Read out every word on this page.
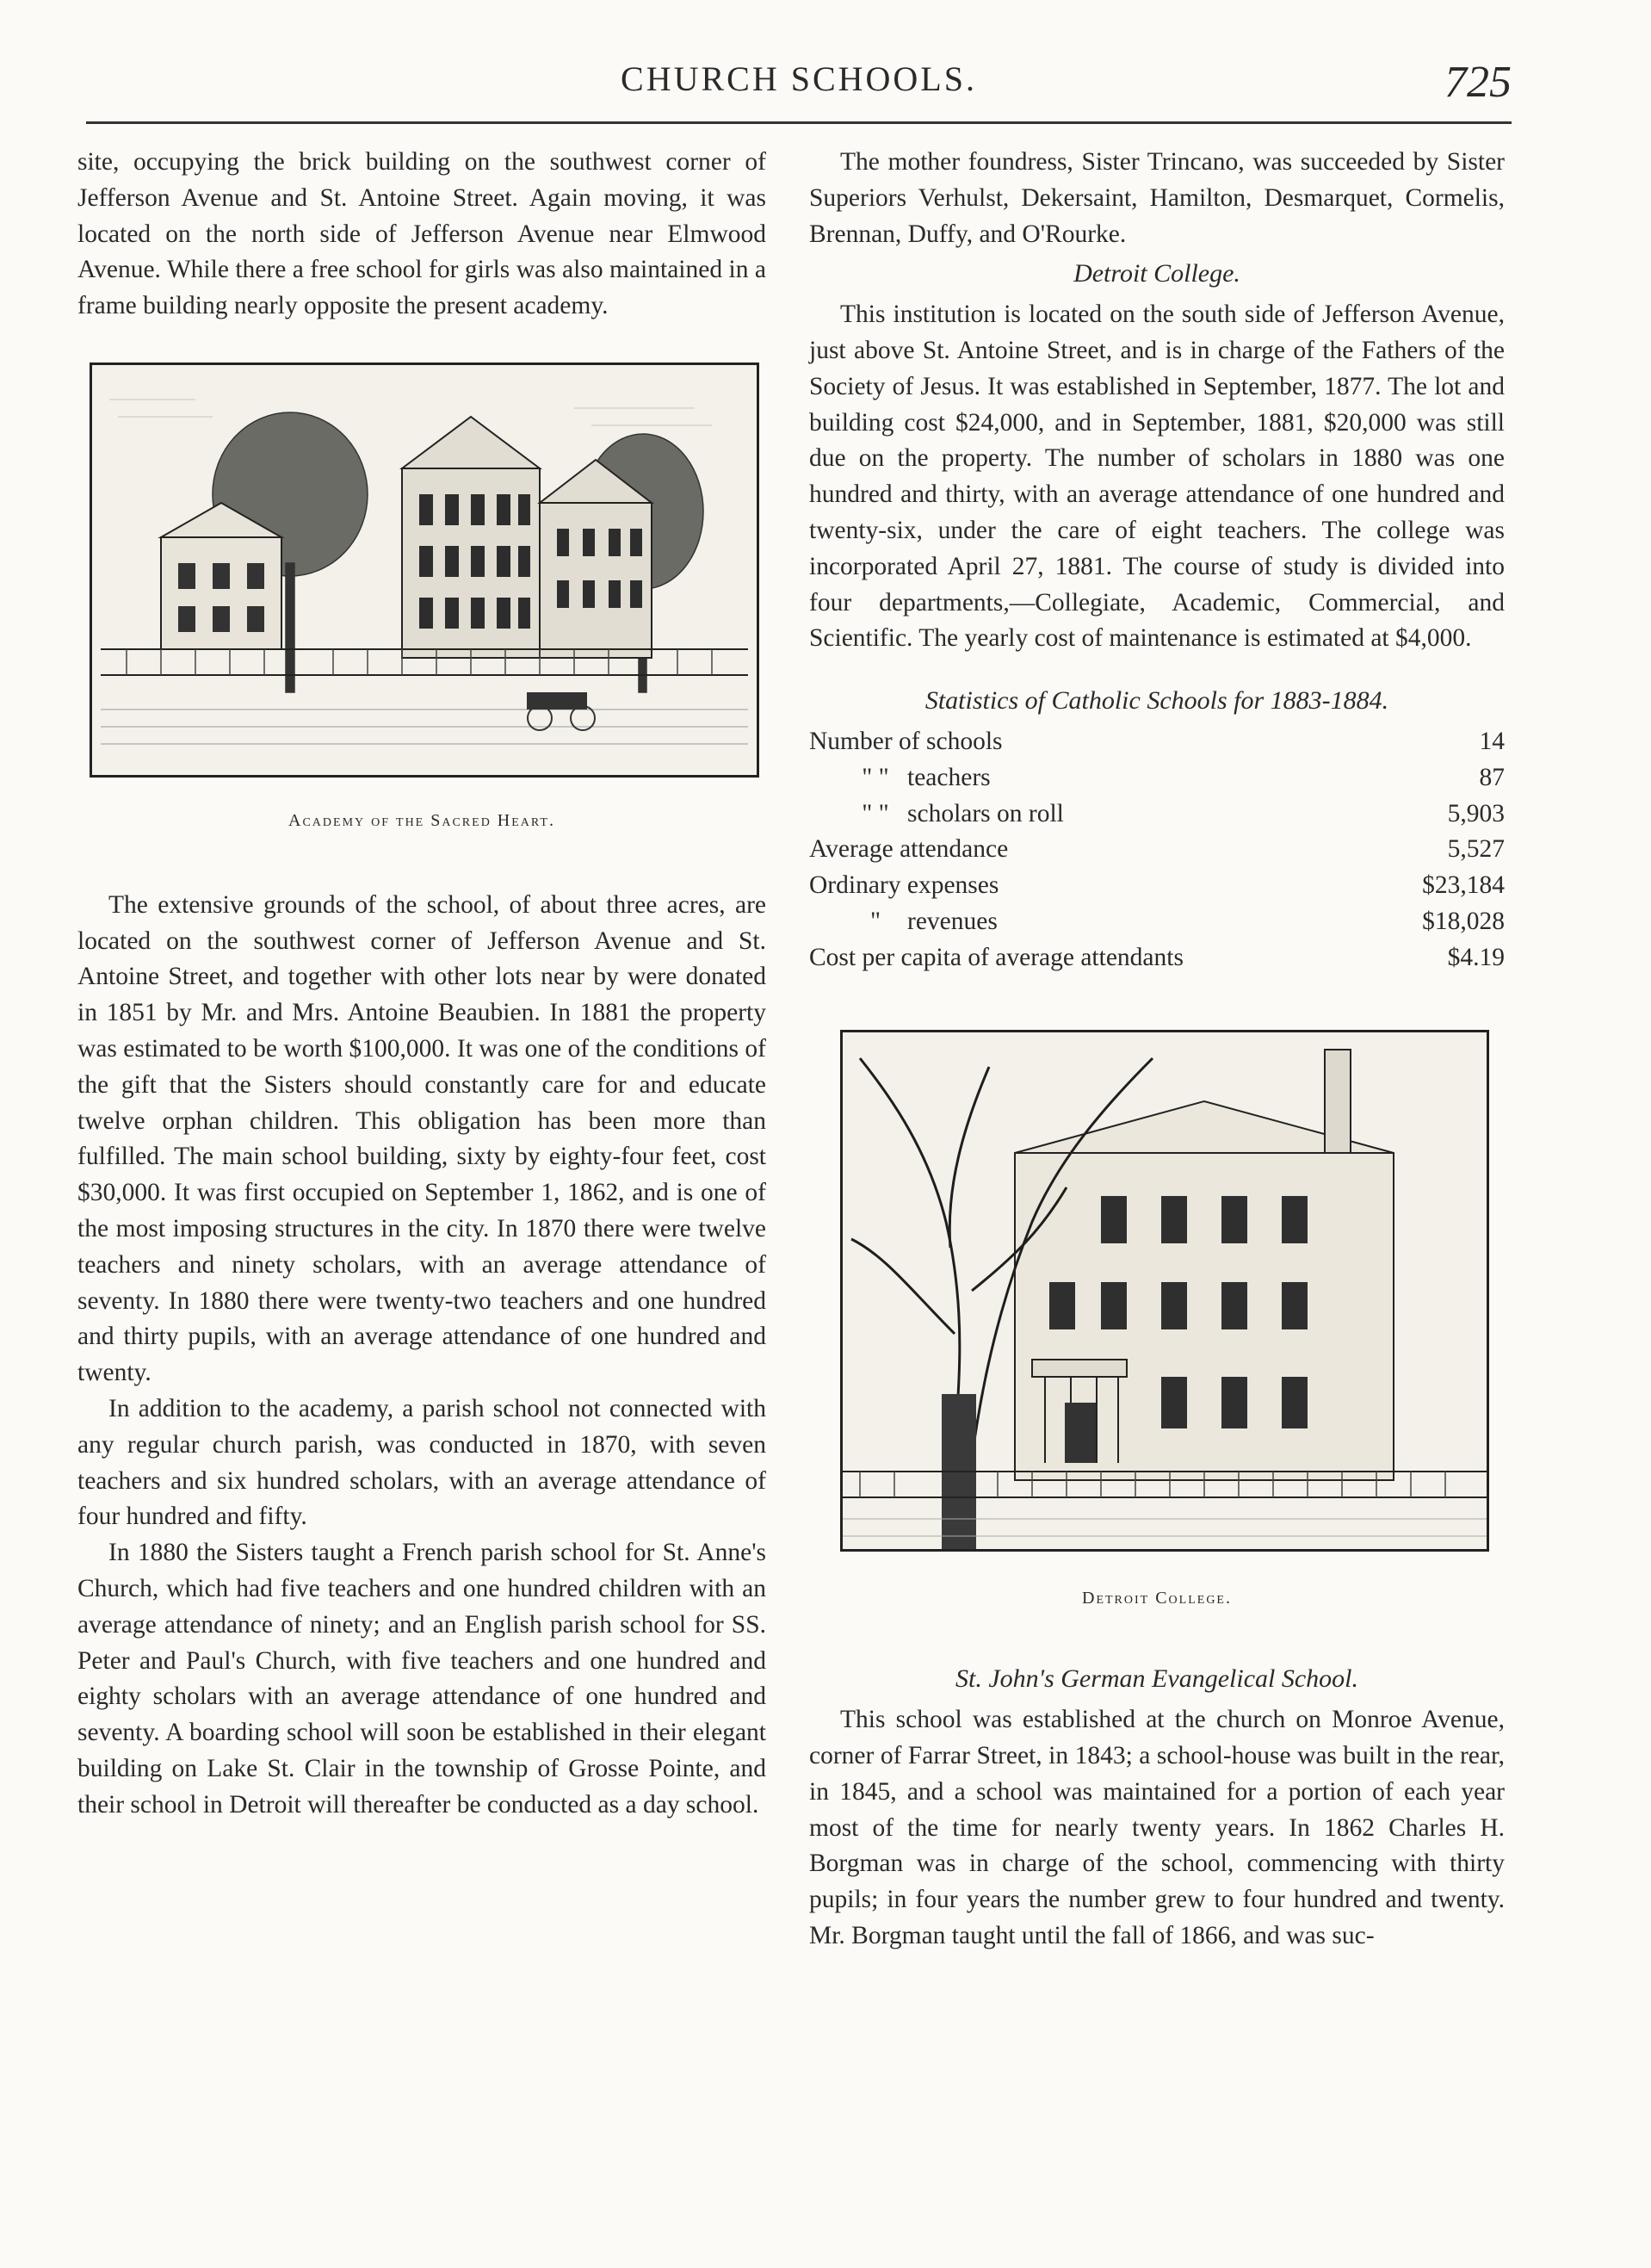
CHURCH SCHOOLS.	725

site, occupying the brick building on the southwest corner of Jefferson Avenue and St. Antoine Street. Again moving, it was located on the north side of Jefferson Avenue near Elmwood Avenue. While there a free school for girls was also maintained in a frame building nearly opposite the present academy.

Academy of the Sacred Heart.

The extensive grounds of the school, of about three acres, are located on the southwest corner of Jefferson Avenue and St. Antoine Street, and together with other lots near by were donated in 1851 by Mr. and Mrs. Antoine Beaubien. In 1881 the property was estimated to be worth $100,000. It was one of the conditions of the gift that the Sisters should constantly care for and educate twelve orphan children. This obligation has been more than fulfilled. The main school building, sixty by eighty-four feet, cost $30,000. It was first occupied on September 1, 1862, and is one of the most imposing structures in the city. In 1870 there were twelve teachers and ninety scholars, with an average attendance of seventy. In 1880 there were twenty-two teachers and one hundred and thirty pupils, with an average attendance of one hundred and twenty.

In addition to the academy, a parish school not connected with any regular church parish, was conducted in 1870, with seven teachers and six hundred scholars, with an average attendance of four hundred and fifty.

In 1880 the Sisters taught a French parish school for St. Anne's Church, which had five teachers and one hundred children with an average attendance of ninety; and an English parish school for SS. Peter and Paul's Church, with five teachers and one hundred and eighty scholars with an average attendance of one hundred and seventy. A boarding school will soon be established in their elegant building on Lake St. Clair in the township of Grosse Pointe, and their school in Detroit will thereafter be conducted as a day school.

The mother foundress, Sister Trincano, was succeeded by Sister Superiors Verhulst, Dekersaint, Hamilton, Desmarquet, Cormelis, Brennan, Duffy, and O'Rourke.

Detroit College.

This institution is located on the south side of Jefferson Avenue, just above St. Antoine Street, and is in charge of the Fathers of the Society of Jesus. It was established in September, 1877. The lot and building cost $24,000, and in September, 1881, $20,000 was still due on the property. The number of scholars in 1880 was one hundred and thirty, with an average attendance of one hundred and twenty-six, under the care of eight teachers. The college was incorporated April 27, 1881. The course of study is divided into four departments,—Collegiate, Academic, Commercial, and Scientific. The yearly cost of maintenance is estimated at $4,000.

Statistics of Catholic Schools for 1883-1884.
Number of schools	14
" " teachers	87
" " scholars on roll	5,903
Average attendance	5,527
Ordinary expenses	$23,184
" revenues	$18,028
Cost per capita of average attendants	$4.19
Detroit College.
St. John's German Evangelical School.

This school was established at the church on Monroe Avenue, corner of Farrar Street, in 1843; a school-house was built in the rear, in 1845, and a school was maintained for a portion of each year most of the time for nearly twenty years. In 1862 Charles H. Borgman was in charge of the school, commencing with thirty pupils; in four years the number grew to four hundred and twenty. Mr. Borgman taught until the fall of 1866, and was suc-
